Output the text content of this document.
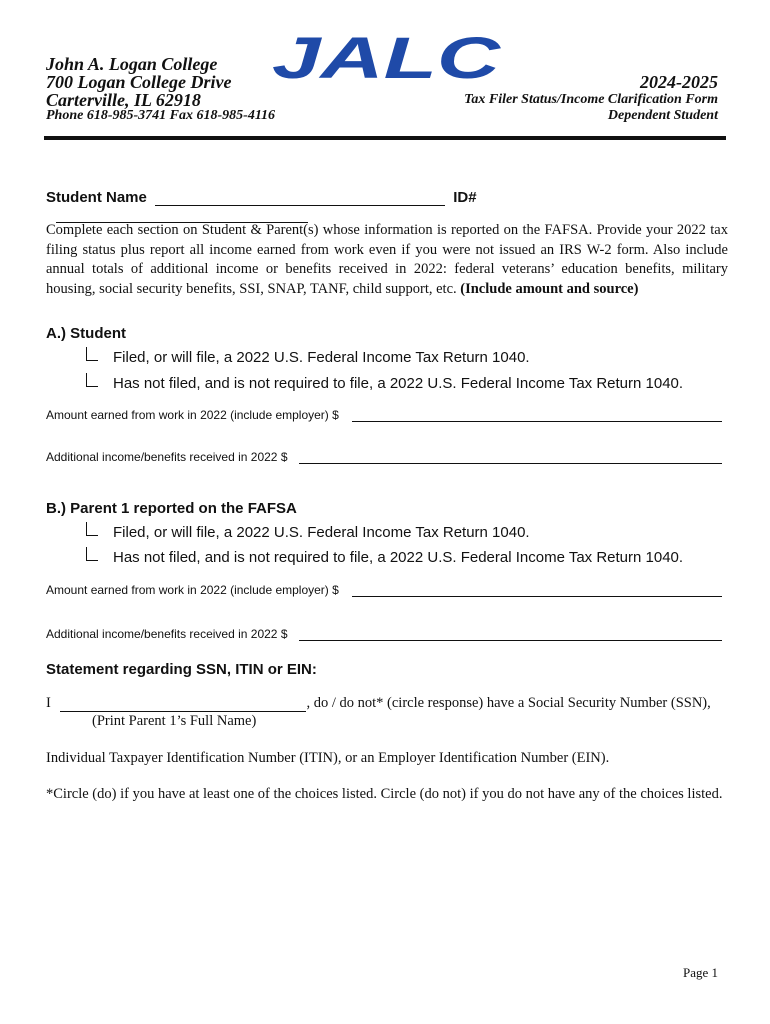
John A. Logan College
700 Logan College Drive
Carterville, IL 62918
Phone 618-985-3741 Fax 618-985-4116
JALC	2024-2025
Tax Filer Status/Income Clarification Form
Dependent Student
Student Name	ID#
Complete each section on Student & Parent(s) whose information is reported on the FAFSA. Provide your 2022 tax filing status plus report all income earned from work even if you were not issued an IRS W-2 form. Also include annual totals of additional income or benefits received in 2022: federal veterans’ education benefits, military housing, social security benefits, SSI, SNAP, TANF, child support, etc. (Include amount and source)
A.) Student
Filed, or will file, a 2022 U.S. Federal Income Tax Return 1040.
Has not filed, and is not required to file, a 2022 U.S. Federal Income Tax Return 1040.
Amount earned from work in 2022 (include employer) $
Additional income/benefits received in 2022 $
B.) Parent 1 reported on the FAFSA
Filed, or will file, a 2022 U.S. Federal Income Tax Return 1040.
Has not filed, and is not required to file, a 2022 U.S. Federal Income Tax Return 1040.
Amount earned from work in 2022 (include employer) $
Additional income/benefits received in 2022 $
Statement regarding SSN, ITIN or EIN:
I	, do / do not* (circle response) have a Social Security Number (SSN),
(Print Parent 1’s Full Name)
Individual Taxpayer Identification Number (ITIN), or an Employer Identification Number (EIN).
*Circle (do) if you have at least one of the choices listed. Circle (do not) if you do not have any of the choices listed.
Page 1
